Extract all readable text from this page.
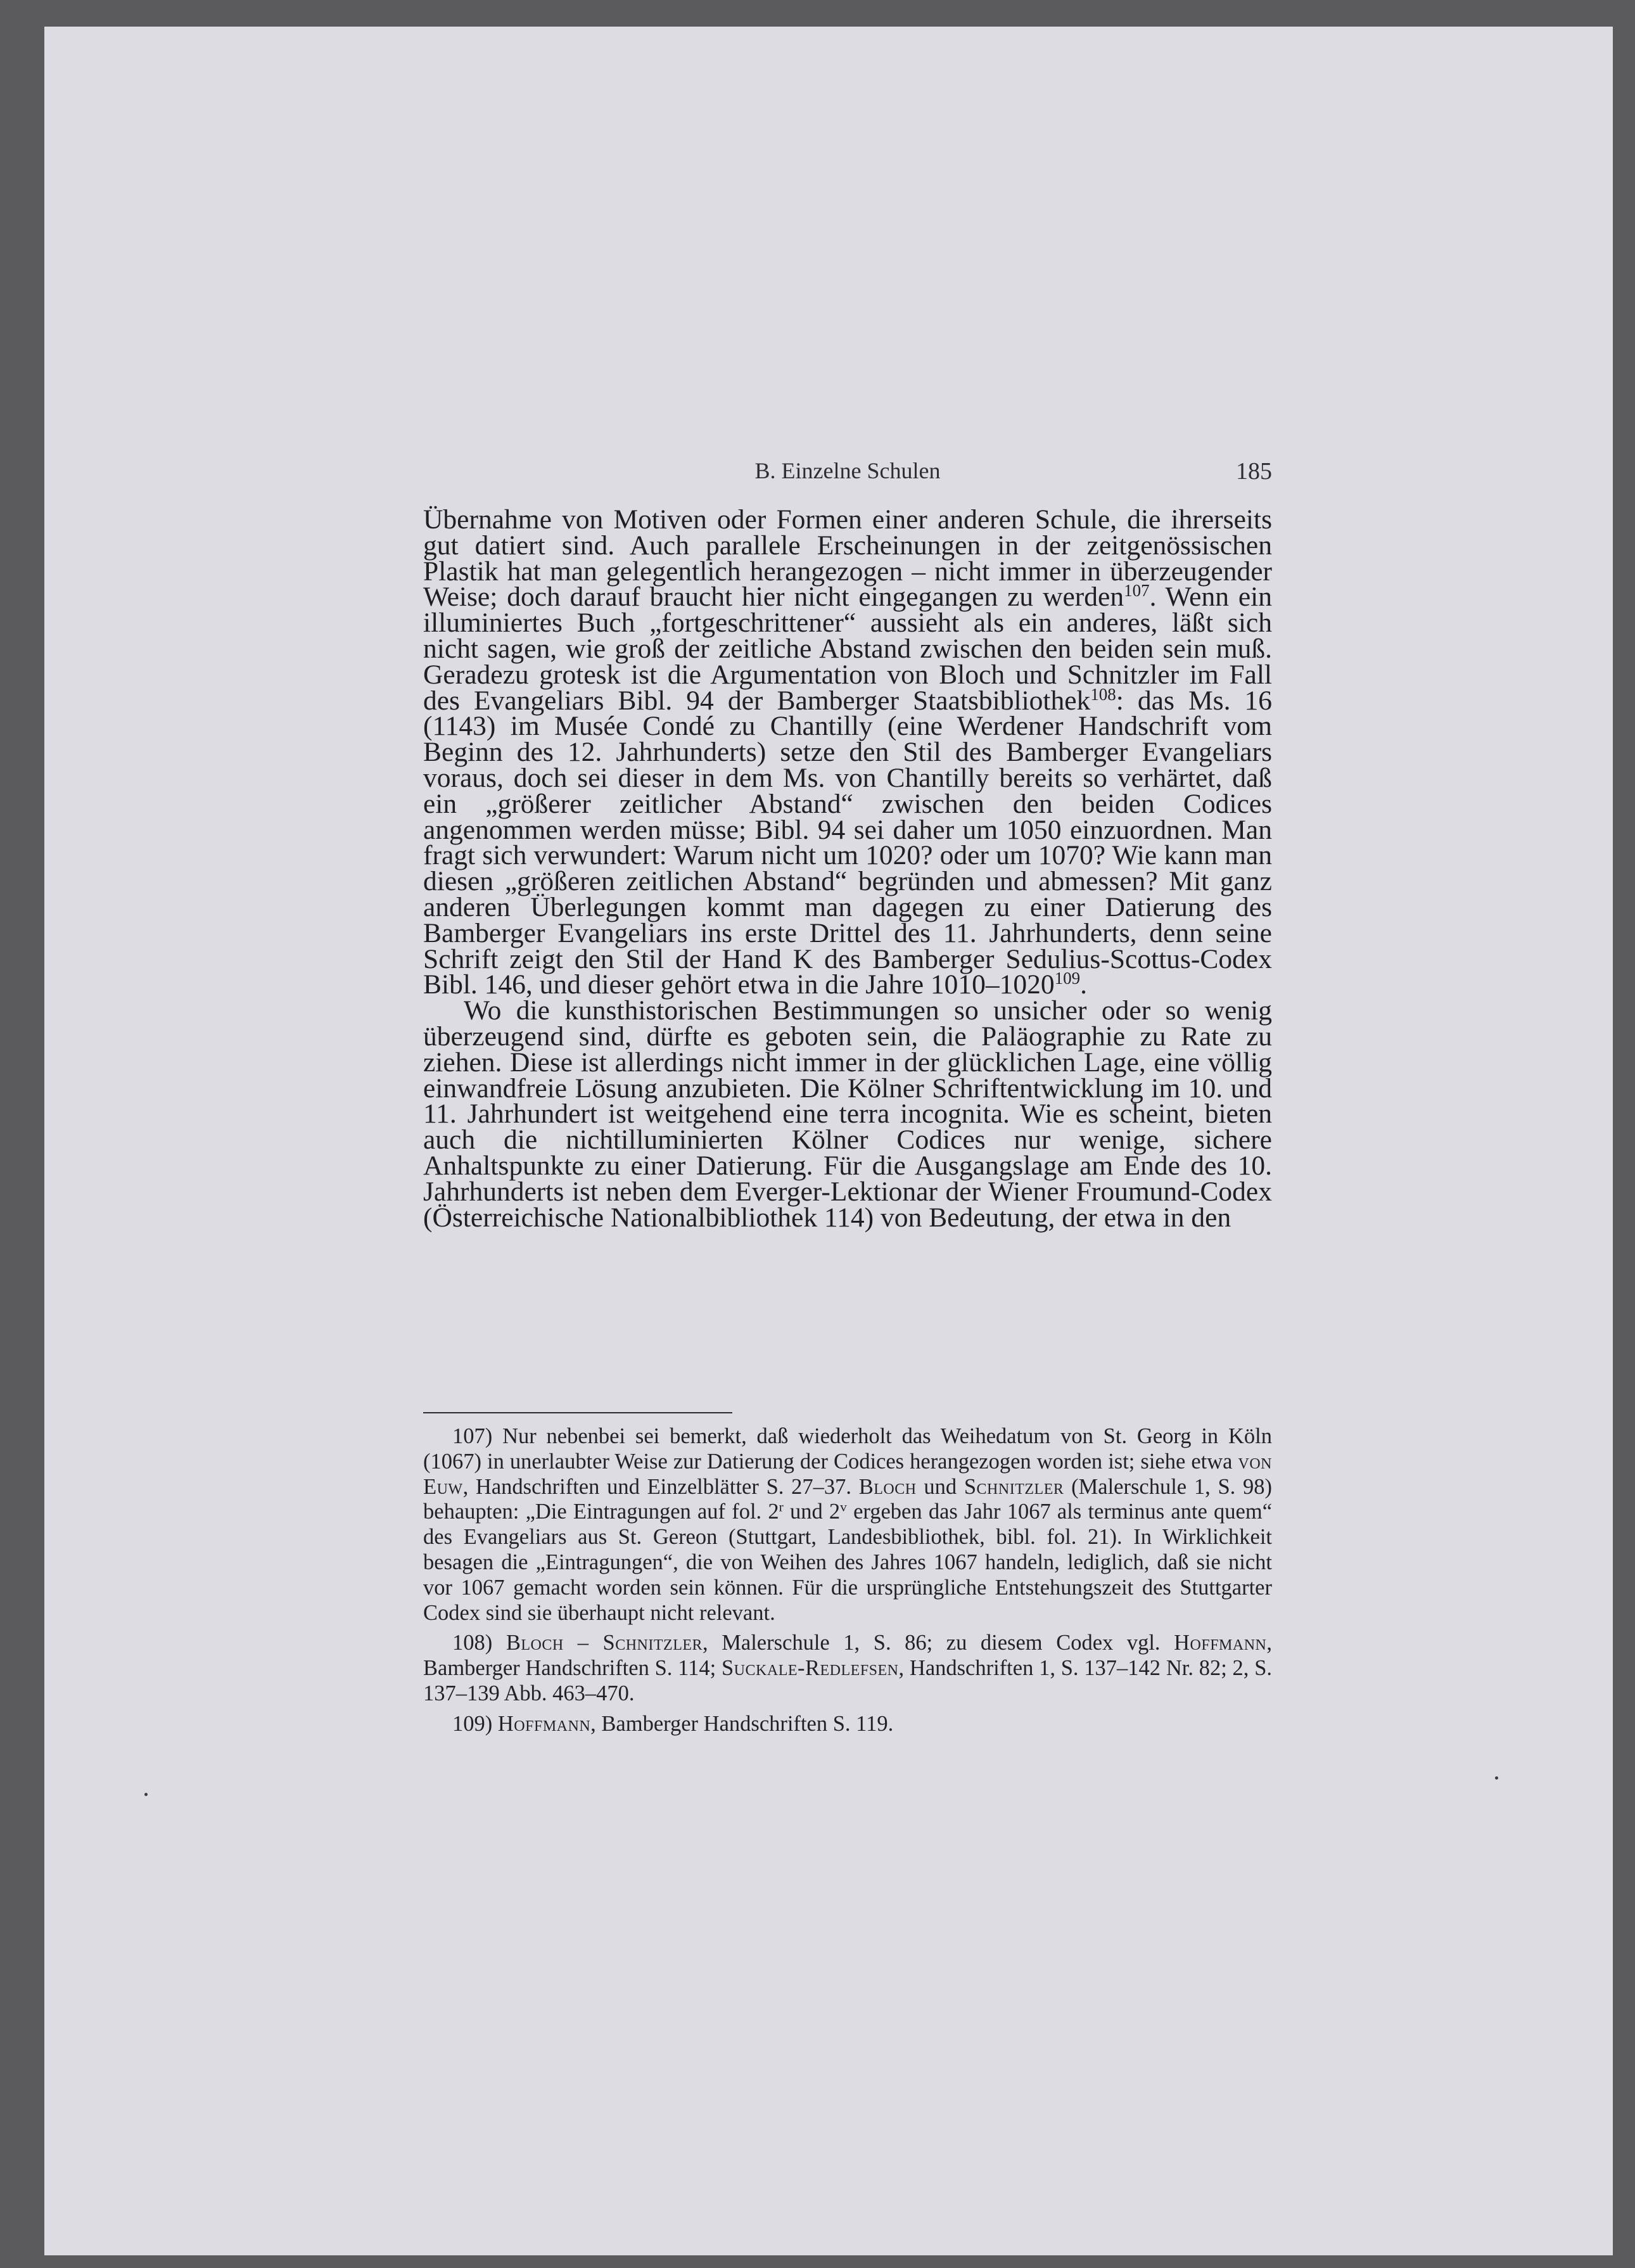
B. Einzelne Schulen	185

Übernahme von Motiven oder Formen einer anderen Schule, die ihrerseits gut datiert sind. Auch parallele Erscheinungen in der zeitgenössischen Plastik hat man gelegentlich herangezogen – nicht immer in überzeugender Weise; doch darauf braucht hier nicht eingegangen zu werden$^{107}$. Wenn ein illuminiertes Buch „fortgeschrittener“ aussieht als ein anderes, läßt sich nicht sagen, wie groß der zeitliche Abstand zwischen den beiden sein muß. Geradezu grotesk ist die Argumentation von Bloch und Schnitzler im Fall des Evangeliars Bibl. 94 der Bamberger Staatsbibliothek$^{108}$: das Ms. 16 (1143) im Musée Condé zu Chantilly (eine Werdener Handschrift vom Beginn des 12. Jahrhunderts) setze den Stil des Bamberger Evangeliars voraus, doch sei dieser in dem Ms. von Chantilly bereits so verhärtet, daß ein „größerer zeitlicher Abstand“ zwischen den beiden Codices angenommen werden müsse; Bibl. 94 sei daher um 1050 einzuordnen. Man fragt sich verwundert: Warum nicht um 1020? oder um 1070? Wie kann man diesen „größeren zeitlichen Abstand“ begründen und abmessen? Mit ganz anderen Überlegungen kommt man dagegen zu einer Datierung des Bamberger Evangeliars ins erste Drittel des 11. Jahrhunderts, denn seine Schrift zeigt den Stil der Hand K des Bamberger Sedulius-Scottus-Codex Bibl. 146, und dieser gehört etwa in die Jahre 1010–1020$^{109}$.

Wo die kunsthistorischen Bestimmungen so unsicher oder so wenig überzeugend sind, dürfte es geboten sein, die Paläographie zu Rate zu ziehen. Diese ist allerdings nicht immer in der glücklichen Lage, eine völlig einwandfreie Lösung anzubieten. Die Kölner Schriftentwicklung im 10. und 11. Jahrhundert ist weitgehend eine terra incognita. Wie es scheint, bieten auch die nichtilluminierten Kölner Codices nur wenige, sichere Anhaltspunkte zu einer Datierung. Für die Ausgangslage am Ende des 10. Jahrhunderts ist neben dem Everger-Lektionar der Wiener Froumund-Codex (Österreichische Nationalbibliothek 114) von Bedeutung, der etwa in den

107) Nur nebenbei sei bemerkt, daß wiederholt das Weihedatum von St. Georg in Köln (1067) in unerlaubter Weise zur Datierung der Codices herangezogen worden ist; siehe etwa von Euw, Handschriften und Einzelblätter S. 27–37. Bloch und Schnitzler (Malerschule 1, S. 98) behaupten: „Die Eintragungen auf fol. 2$^r$ und 2$^v$ ergeben das Jahr 1067 als terminus ante quem“ des Evangeliars aus St. Gereon (Stuttgart, Landesbibliothek, bibl. fol. 21). In Wirklichkeit besagen die „Eintragungen“, die von Weihen des Jahres 1067 handeln, lediglich, daß sie nicht vor 1067 gemacht worden sein können. Für die ursprüngliche Entstehungszeit des Stuttgarter Codex sind sie überhaupt nicht relevant.

108) Bloch – Schnitzler, Malerschule 1, S. 86; zu diesem Codex vgl. Hoffmann, Bamberger Handschriften S. 114; Suckale-Redlefsen, Handschriften 1, S. 137–142 Nr. 82; 2, S. 137–139 Abb. 463–470.

109) Hoffmann, Bamberger Handschriften S. 119.
